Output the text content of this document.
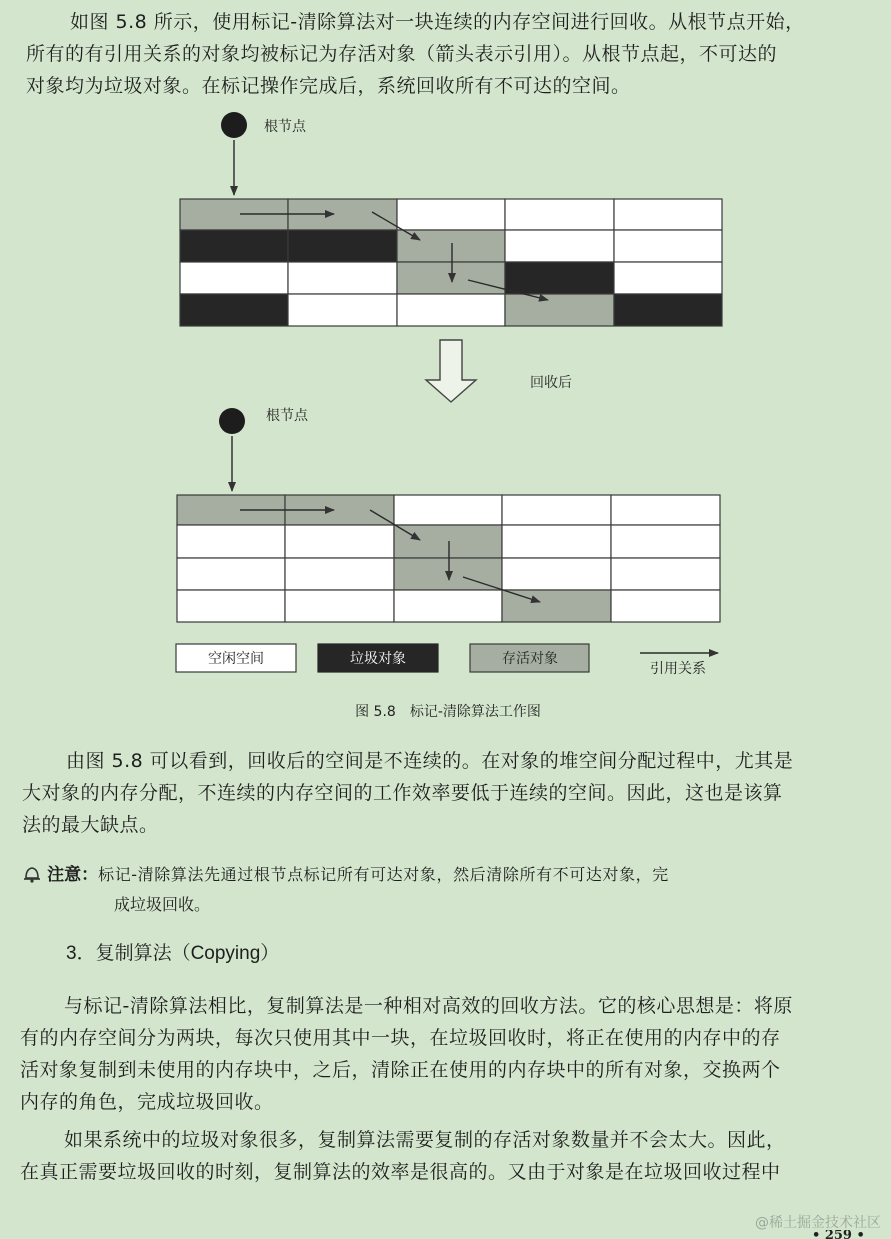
如图 5.8 所示，使用标记-清除算法对一块连续的内存空间进行回收。从根节点开始，
所有的有引用关系的对象均被标记为存活对象（箭头表示引用）。从根节点起，不可达的
对象均为垃圾对象。在标记操作完成后，系统回收所有不可达的空间。
根节点
回收后
根节点
空闲空间	垃圾对象	存活对象
引用关系
图 5.8　标记-清除算法工作图
由图 5.8 可以看到，回收后的空间是不连续的。在对象的堆空间分配过程中，尤其是
大对象的内存分配，不连续的内存空间的工作效率要低于连续的空间。因此，这也是该算
法的最大缺点。
注意：标记-清除算法先通过根节点标记所有可达对象，然后清除所有不可达对象，完
成垃圾回收。
3．复制算法（Copying）
与标记-清除算法相比，复制算法是一种相对高效的回收方法。它的核心思想是：将原
有的内存空间分为两块，每次只使用其中一块，在垃圾回收时，将正在使用的内存中的存
活对象复制到未使用的内存块中，之后，清除正在使用的内存块中的所有对象，交换两个
内存的角色，完成垃圾回收。
如果系统中的垃圾对象很多，复制算法需要复制的存活对象数量并不会太大。因此，
在真正需要垃圾回收的时刻，复制算法的效率是很高的。又由于对象是在垃圾回收过程中
@稀土掘金技术社区
• 259 •
